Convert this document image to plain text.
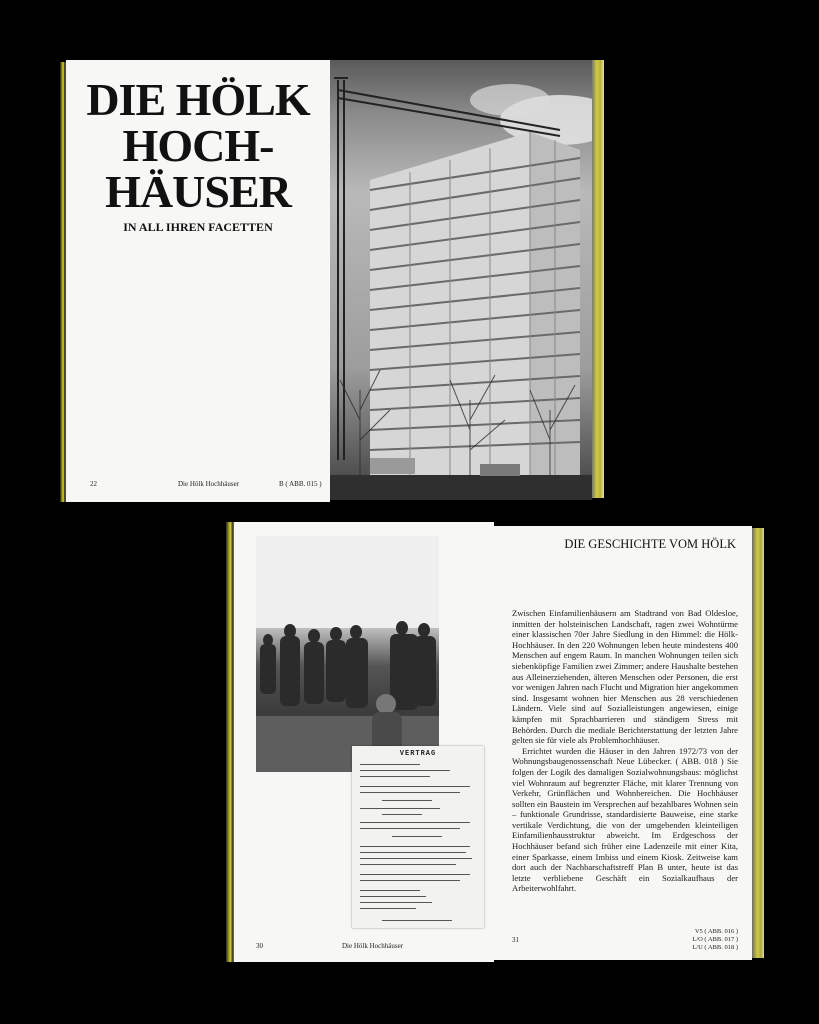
DIE HÖLK
HOCH-
HÄUSER
IN ALL IHREN FACETTEN
22	Die Hölk Hochhäuser	B ( ABB. 015 )
VERTRAG
30	Die Hölk Hochhäuser
DIE GESCHICHTE VOM HÖLK

Zwischen Einfamilienhäusern am Stadtrand von Bad Oldesloe, inmitten der holsteinischen Landschaft, ragen zwei Wohntürme einer klassischen 70er Jahre Siedlung in den Himmel: die Hölk-Hochhäuser. In den 220 Wohnungen leben heute mindestens 400 Menschen auf engem Raum. In manchen Wohnungen teilen sich siebenköpfige Familien zwei Zimmer; andere Haushalte bestehen aus Alleinerziehenden, älteren Menschen oder Personen, die erst vor wenigen Jahren nach Flucht und Migration hier angekommen sind. Insgesamt wohnen hier Menschen aus 28 verschiedenen Ländern. Viele sind auf Sozialleistungen angewiesen, einige kämpfen mit Sprachbarrieren und ständigem Stress mit Behörden. Durch die mediale Berichterstattung der letzten Jahre gelten sie für viele als Problemhochhäuser.

Errichtet wurden die Häuser in den Jahren 1972/73 von der Wohnungsbaugenossenschaft Neue Lübecker. ( ABB. 018 ) Sie folgen der Logik des damaligen Sozialwohnungsbaus: möglichst viel Wohnraum auf begrenzter Fläche, mit klarer Trennung von Verkehr, Grünflächen und Wohnbereichen. Die Hochhäuser sollten ein Baustein im Versprechen auf bezahlbares Wohnen sein – funktionale Grundrisse, standardisierte Bauweise, eine starke vertikale Verdichtung, die von der umgebenden kleinteiligen Einfamilienhausstruktur abweicht. Im Erdgeschoss der Hochhäuser befand sich früher eine Ladenzeile mit einer Kita, einer Sparkasse, einem Imbiss und einem Kiosk. Zeitweise kam dort auch der Nachbarschaftstreff Plan B unter, heute ist das letzte verbliebene Geschäft ein Sozialkaufhaus der Arbeiterwohlfahrt.

31
V5 ( ABB. 016 )
L/O ( ABB. 017 )
L/U ( ABB. 018 )
